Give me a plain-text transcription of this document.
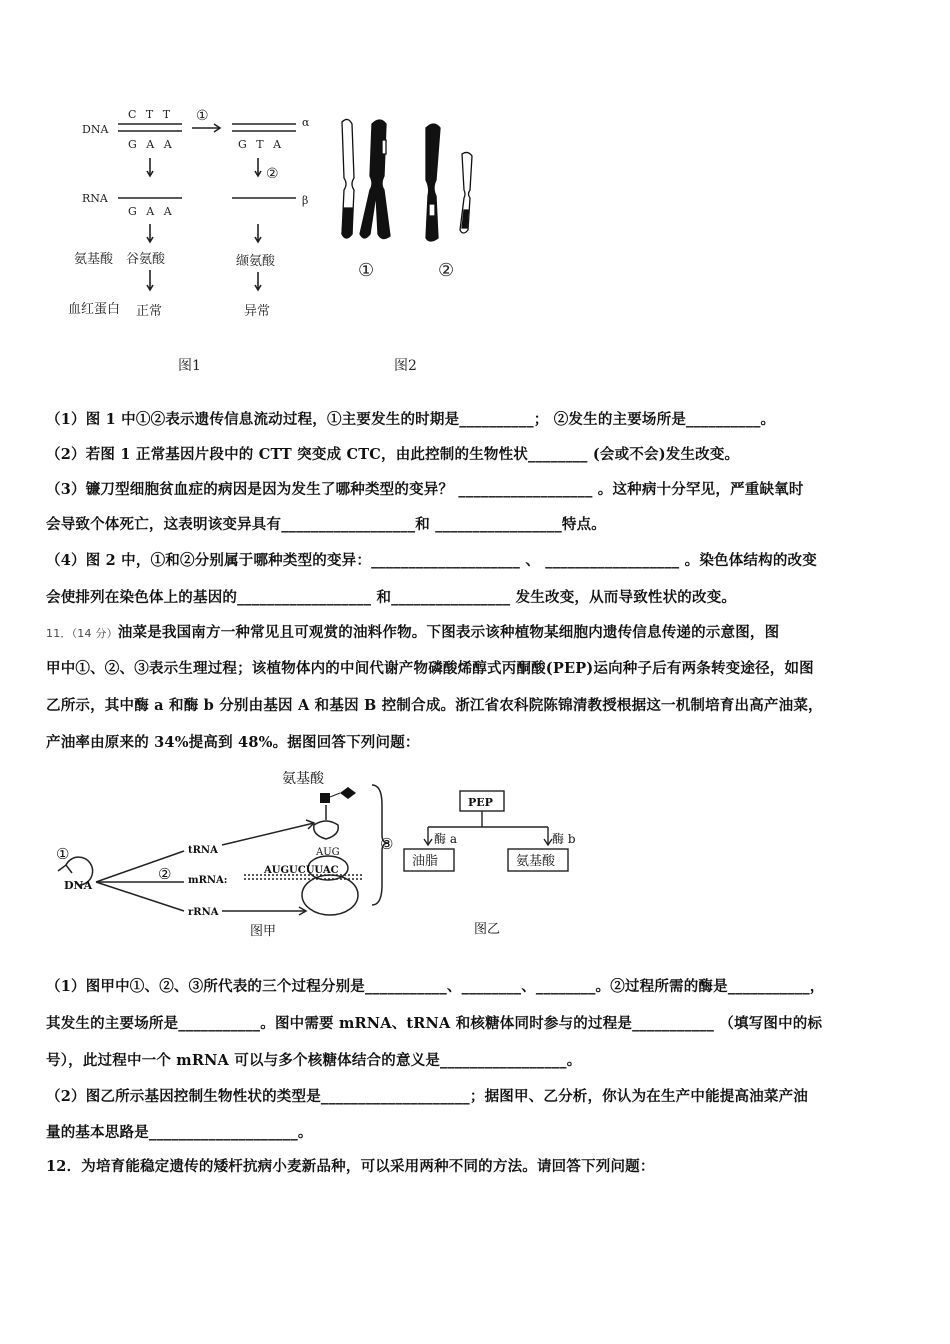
DNA
C T T
G A A
①
G T A
α
②
RNA
G A A
β
氨基酸 谷氨酸	缬氨酸
血红蛋白 正常	异常
图1
①	②
图2
（1）图 1 中①②表示遗传信息流动过程，①主要发生的时期是__________； ②发生的主要场所是__________。
（2）若图 1 正常基因片段中的 CTT 突变成 CTC，由此控制的生物性状________ (会或不会)发生改变。
（3）镰刀型细胞贫血症的病因是因为发生了哪种类型的变异？ __________________ 。这种病十分罕见，严重缺氧时
会导致个体死亡，这表明该变异具有__________________和 _________________特点。
（4）图 2 中，①和②分别属于哪种类型的变异：____________________ 、 __________________ 。染色体结构的改变
会使排列在染色体上的基因的__________________ 和________________ 发生改变，从而导致性状的改变。
11．（14 分）油菜是我国南方一种常见且可观赏的油料作物。下图表示该种植物某细胞内遗传信息传递的示意图，图
甲中①、②、③表示生理过程；该植物体内的中间代谢产物磷酸烯醇式丙酮酸(PEP)运向种子后有两条转变途径，如图
乙所示，其中酶 a 和酶 b 分别由基因 A 和基因 B 控制合成。浙江省农科院陈锦清教授根据这一机制培育出高产油菜，
产油率由原来的 34%提高到 48%。据图回答下列问题：
氨基酸
AUG
tRNA
mRNA:
AUGUCUUAC
rRNA
DNA
①
②
③
图甲
PEP
酶 a	酶 b
油脂	氨基酸
图乙
（1）图甲中①、②、③所代表的三个过程分别是___________、________、________。②过程所需的酶是___________，
其发生的主要场所是___________。图中需要 mRNA、tRNA 和核糖体同时参与的过程是___________ （填写图中的标
号），此过程中一个 mRNA 可以与多个核糖体结合的意义是_________________。
（2）图乙所示基因控制生物性状的类型是____________________；据图甲、乙分析，你认为在生产中能提高油菜产油
量的基本思路是____________________。
12．为培育能稳定遗传的矮杆抗病小麦新品种，可以采用两种不同的方法。请回答下列问题：
